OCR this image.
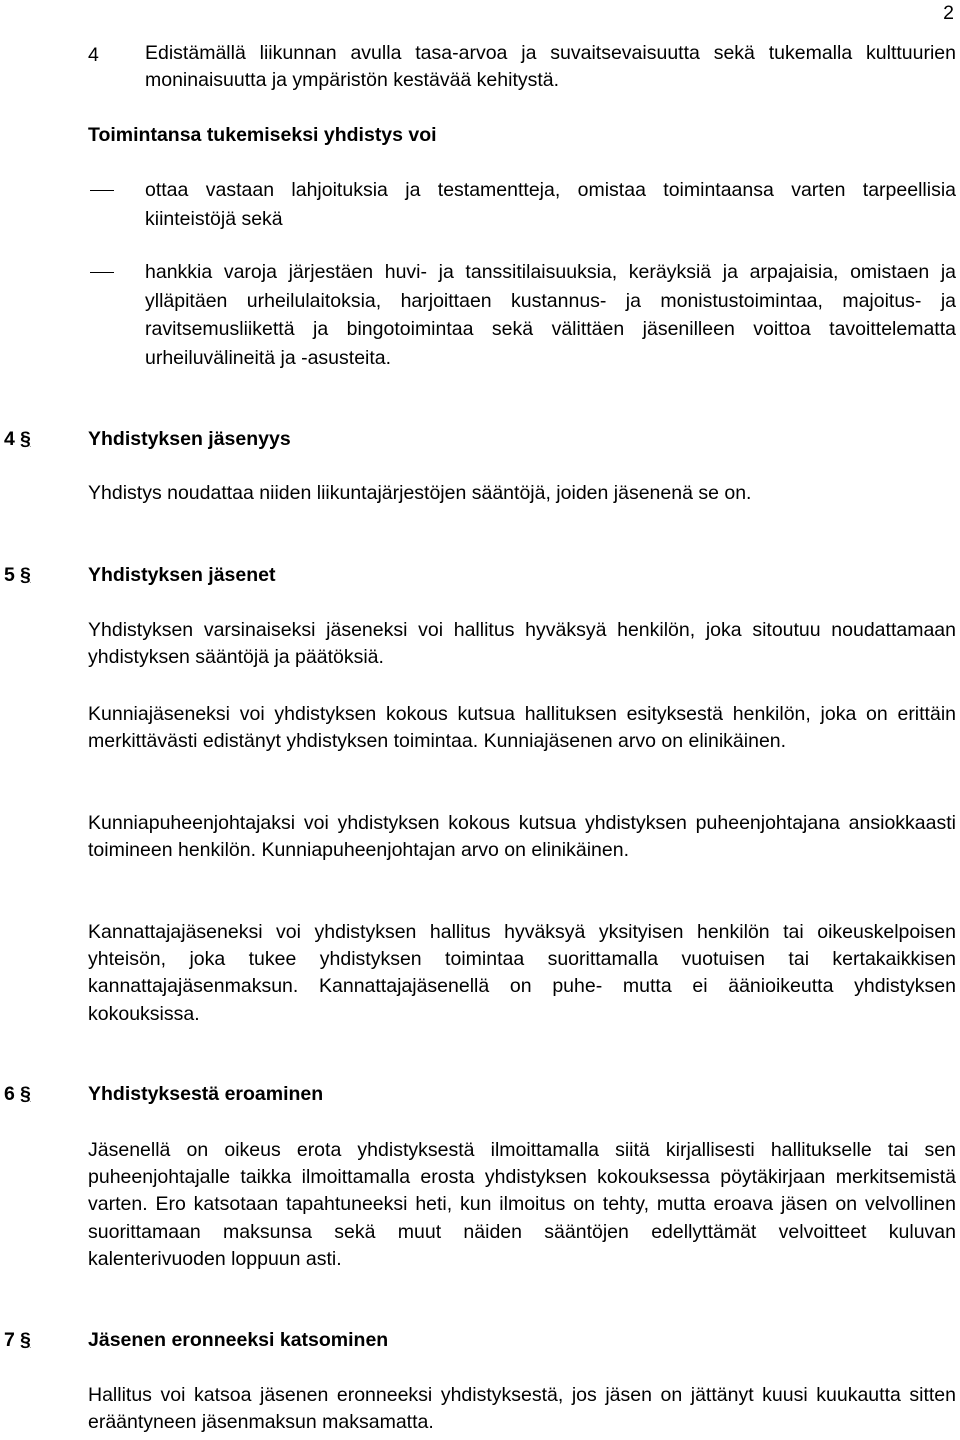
2
4 Edistämällä liikunnan avulla tasa-arvoa ja suvaitsevaisuutta sekä tukemalla kulttuurien moninaisuutta ja ympäristön kestävää kehitystä.
Toimintansa tukemiseksi yhdistys voi
ottaa vastaan lahjoituksia ja testamentteja, omistaa toimintaansa varten tarpeellisia kiinteistöjä sekä
hankkia varoja järjestäen huvi- ja tanssitilaisuuksia, keräyksiä ja arpajaisia, omistaen ja ylläpitäen urheilulaitoksia, harjoittaen kustannus- ja monistustoimintaa, majoitus- ja ravitsemusliikettä ja bingotoimintaa sekä välittäen jäsenilleen voittoa tavoittelematta urheiluvälineitä ja -asusteita.
4 §	Yhdistyksen jäsenyys
Yhdistys noudattaa niiden liikuntajärjestöjen sääntöjä, joiden jäsenenä se on.
5 §	Yhdistyksen jäsenet
Yhdistyksen varsinaiseksi jäseneksi voi hallitus hyväksyä henkilön, joka sitoutuu noudattamaan yhdistyksen sääntöjä ja päätöksiä.
Kunniajäseneksi voi yhdistyksen kokous kutsua hallituksen esityksestä henkilön, joka on erittäin merkittävästi edistänyt yhdistyksen toimintaa. Kunniajäsenen arvo on elinikäinen.
Kunniapuheenjohtajaksi voi yhdistyksen kokous kutsua yhdistyksen puheenjohtajana ansiokkaasti toimineen henkilön. Kunniapuheenjohtajan arvo on elinikäinen.
Kannattajajäseneksi voi yhdistyksen hallitus hyväksyä yksityisen henkilön tai oikeuskelpoisen yhteisön, joka tukee yhdistyksen toimintaa suorittamalla vuotuisen tai kertakaikkisen kannattajajäsenmaksun. Kannattajajäsenellä on puhe- mutta ei äänioikeutta yhdistyksen kokouksissa.
6 §	Yhdistyksestä eroaminen
Jäsenellä on oikeus erota yhdistyksestä ilmoittamalla siitä kirjallisesti hallitukselle tai sen puheenjohtajalle taikka ilmoittamalla erosta yhdistyksen kokouksessa pöytäkirjaan merkitsemistä varten. Ero katsotaan tapahtuneeksi heti, kun ilmoitus on tehty, mutta eroava jäsen on velvollinen suorittamaan maksunsa sekä muut näiden sääntöjen edellyttämät velvoitteet kuluvan kalenterivuoden loppuun asti.
7 §	Jäsenen eronneeksi katsominen
Hallitus voi katsoa jäsenen eronneeksi yhdistyksestä, jos jäsen on jättänyt kuusi kuukautta sitten erääntyneen jäsenmaksun maksamatta.
